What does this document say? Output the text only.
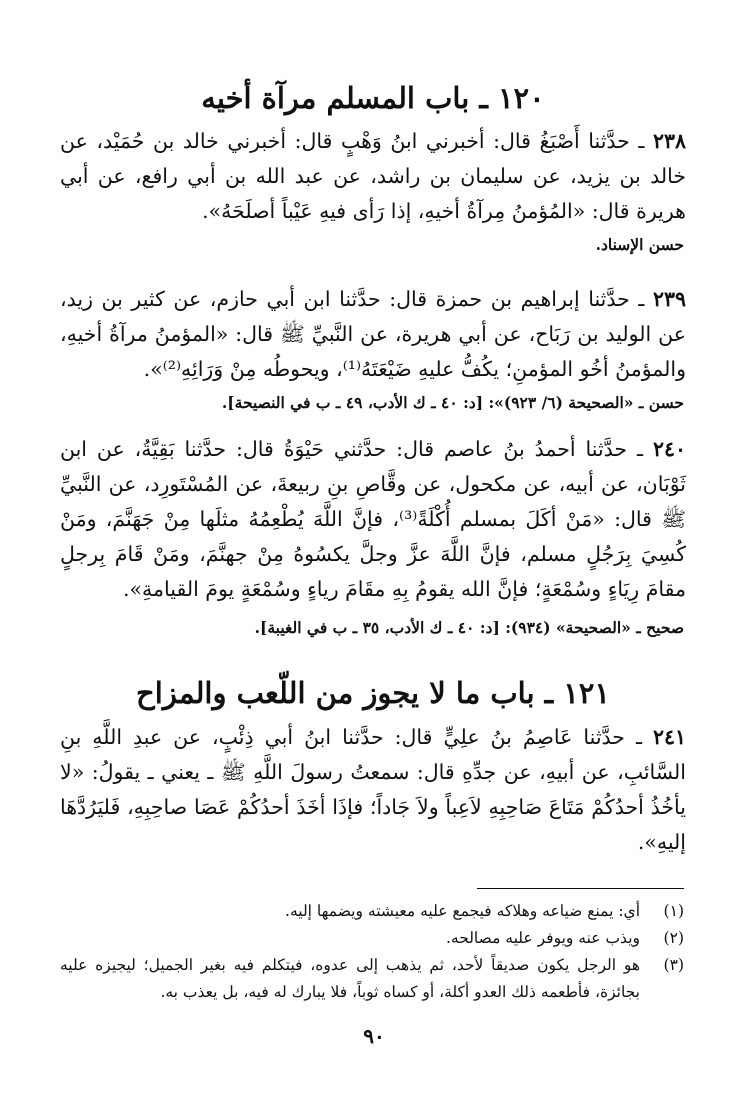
١٢٠ ـ باب المسلم مرآة أخيه

٢٣٨ ـ حدَّثنا أَصْبَغُ قال: أخبرني ابنُ وَهْبٍ قال: أخبرني خالد بن حُمَيْد، عن خالد بن يزيد، عن سليمان بن راشد، عن عبد الله بن أبي رافع، عن أبي هريرة قال: «المُؤمنُ مِرآةُ أخيهِ، إذا رَأى فيهِ عَيْباً أصلَحَهُ».

حسن الإسناد.

٢٣٩ ـ حدَّثنا إبراهيم بن حمزة قال: حدَّثنا ابن أبي حازم، عن كثير بن زيد، عن الوليد بن رَبَاح، عن أبي هريرة، عن النَّبيِّ ﷺ قال: «المؤمنُ مرآةُ أخيهِ، والمؤمنُ أخُو المؤمنِ؛ يكُفُّ عليهِ ضَيْعَتَهُ⁽¹⁾، ويحوطُه مِنْ وَرَائِهِ⁽²⁾».

حسن ـ «الصحيحة (٦/ ٩٢٣)»: [د: ٤٠ ـ ك الأدب، ٤٩ ـ ب في النصيحة].

٢٤٠ ـ حدَّثنا أحمدُ بنُ عاصم قال: حدَّثني حَيْوَةُ قال: حدَّثنا بَقِيَّةُ، عن ابن ثَوْبَان، عن أبيه، عن مكحول، عن وقَّاصِ بنِ ربيعةَ، عن المُسْتَورِد، عن النَّبيِّ ﷺ قال: «مَنْ أكَلَ بمسلم أُكْلَةً⁽³⁾، فإنَّ اللَّهَ يُطْعِمُهُ مثلَها مِنْ جَهَنَّمَ، ومَنْ كُسِيَ بِرَجُلٍ مسلم، فإنَّ اللَّهَ عزَّ وجلَّ يكسُوهُ مِنْ جهنَّمَ، ومَنْ قَامَ بِرجلٍ مقامَ رِيَاءٍ وسُمْعَةٍ؛ فإنَّ الله يقومُ بِهِ مقَامَ رياءٍ وسُمْعَةٍ يومَ القيامةِ».

صحيح ـ «الصحيحة» (٩٣٤): [د: ٤٠ ـ ك الأدب، ٣٥ ـ ب في الغيبة].

١٢١ ـ باب ما لا يجوز من اللّعب والمزاح

٢٤١ ـ حدَّثنا عَاصِمُ بنُ علِيٍّ قال: حدَّثنا ابنُ أبي ذِئْبٍ، عن عبدِ اللَّهِ بنِ السَّائبِ، عن أبيهِ، عن جدِّهِ قال: سمعتُ رسولَ اللَّهِ ﷺ ـ يعني ـ يقولُ: «لا يأخُذُ أحدُكُمْ مَتَاعَ صَاحِبِهِ لاَعِباً ولاَ جَاداً؛ فإذَا أخَذَ أحدُكُمْ عَصَا صاحِبِهِ، فَليَرُدَّهَا إليهِ».

(١)
أي: يمنع ضياعه وهلاكه فيجمع عليه معيشته ويضمها إليه.
(٢)
ويذب عنه ويوفر عليه مصالحه.
(٣)
هو الرجل يكون صديقاً لأحد، ثم يذهب إلى عدوه، فيتكلم فيه بغير الجميل؛ ليجيزه عليه بجائزة، فأطعمه ذلك العدو أكلة، أو كساه ثوباً، فلا يبارك له فيه، بل يعذب به.
٩٠
